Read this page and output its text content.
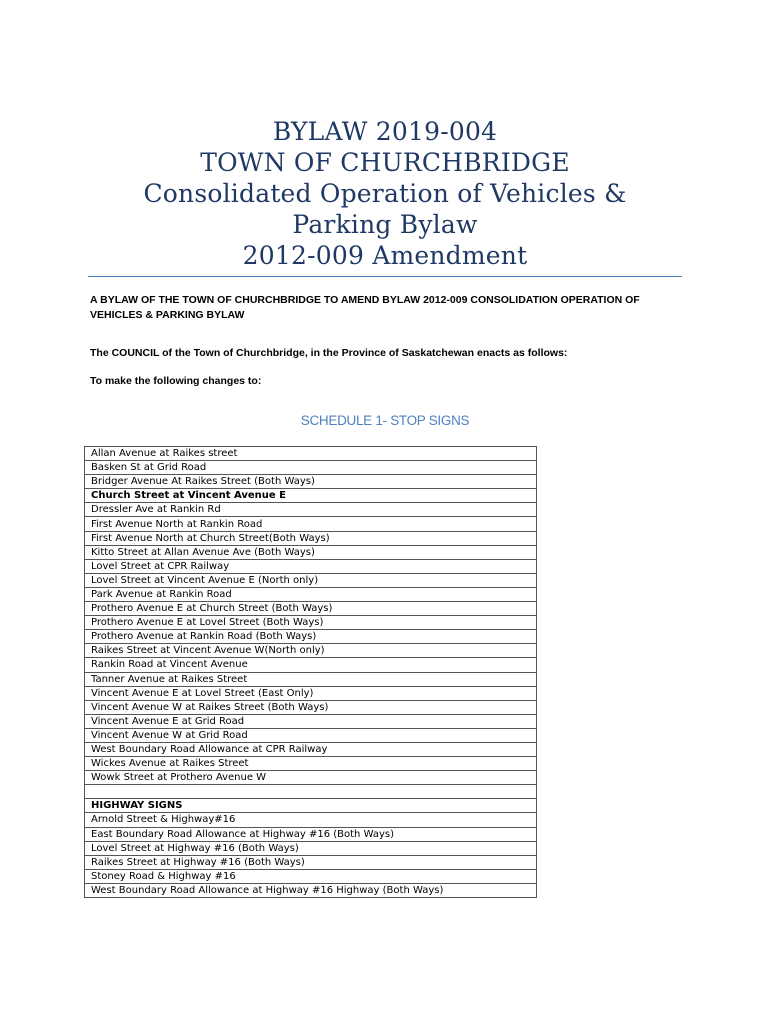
BYLAW 2019-004
TOWN OF CHURCHBRIDGE
Consolidated Operation of Vehicles &
Parking Bylaw
2012-009 Amendment
A BYLAW OF THE TOWN OF CHURCHBRIDGE TO AMEND BYLAW 2012-009 CONSOLIDATION OPERATION OF VEHICLES & PARKING BYLAW
The COUNCIL of the Town of Churchbridge, in the Province of Saskatchewan enacts as follows:
To make the following changes to:
SCHEDULE 1- STOP SIGNS
Allan Avenue at Raikes street
Basken St at Grid Road
Bridger Avenue At Raikes Street (Both Ways)
Church Street at Vincent Avenue E
Dressler Ave at Rankin Rd
First Avenue North at Rankin Road
First Avenue North at Church Street(Both Ways)
Kitto Street at Allan Avenue Ave (Both Ways)
Lovel Street at CPR Railway
Lovel Street at Vincent Avenue E (North only)
Park Avenue at Rankin Road
Prothero Avenue E at Church Street (Both Ways)
Prothero Avenue E at Lovel Street (Both Ways)
Prothero Avenue at Rankin Road (Both Ways)
Raikes Street at Vincent Avenue W(North only)
Rankin Road at Vincent Avenue
Tanner Avenue at Raikes Street
Vincent Avenue E at Lovel Street (East Only)
Vincent Avenue W at Raikes Street (Both Ways)
Vincent Avenue E at Grid Road
Vincent Avenue W at Grid Road
West Boundary Road Allowance at CPR Railway
Wickes Avenue at Raikes Street
Wowk Street at Prothero Avenue W

HIGHWAY SIGNS
Arnold Street & Highway#16
East Boundary Road Allowance at Highway #16 (Both Ways)
Lovel Street at Highway #16 (Both Ways)
Raikes Street at Highway #16 (Both Ways)
Stoney Road & Highway #16
West Boundary Road Allowance at Highway #16 Highway (Both Ways)
